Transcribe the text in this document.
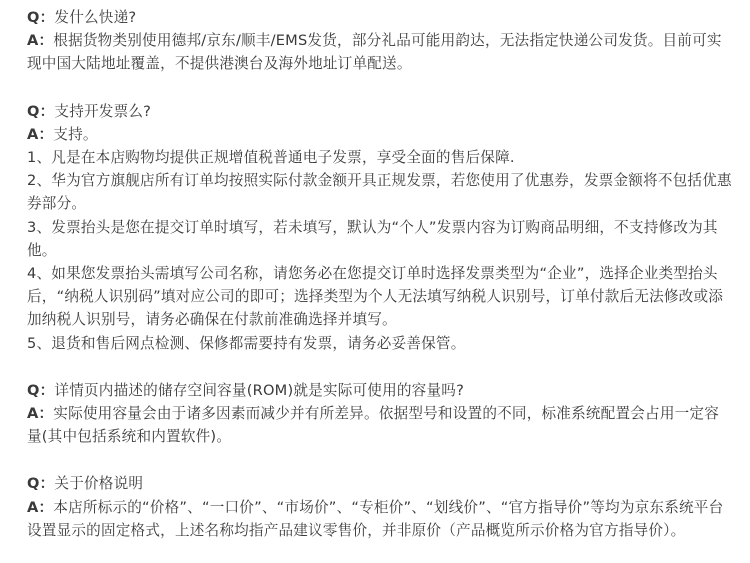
Q：发什么快递?
A：根据货物类别使用德邦/京东/顺丰/EMS发货，部分礼品可能用韵达，无法指定快递公司发货。目前可实现中国大陆地址覆盖，不提供港澳台及海外地址订单配送。
Q：支持开发票么?
A：支持。
1、凡是在本店购物均提供正规增值税普通电子发票，享受全面的售后保障.
2、华为官方旗舰店所有订单均按照实际付款金额开具正规发票，若您使用了优惠券，发票金额将不包括优惠券部分。
3、发票抬头是您在提交订单时填写，若未填写，默认为“个人”发票内容为订购商品明细，不支持修改为其他。
4、如果您发票抬头需填写公司名称，请您务必在您提交订单时选择发票类型为“企业”，选择企业类型抬头后，“纳税人识别码”填对应公司的即可；选择类型为个人无法填写纳税人识别号，订单付款后无法修改或添加纳税人识别号，请务必确保在付款前准确选择并填写。
5、退货和售后网点检测、保修都需要持有发票，请务必妥善保管。
Q：详情页内描述的储存空间容量(ROM)就是实际可使用的容量吗?
A：实际使用容量会由于诸多因素而减少并有所差异。依据型号和设置的不同，标准系统配置会占用一定容量(其中包括系统和内置软件)。
Q：关于价格说明
A：本店所标示的“价格”、“一口价”、“市场价”、“专柜价”、“划线价”、“官方指导价”等均为京东系统平台设置显示的固定格式，上述名称均指产品建议零售价，并非原价（产品概览所示价格为官方指导价）。
